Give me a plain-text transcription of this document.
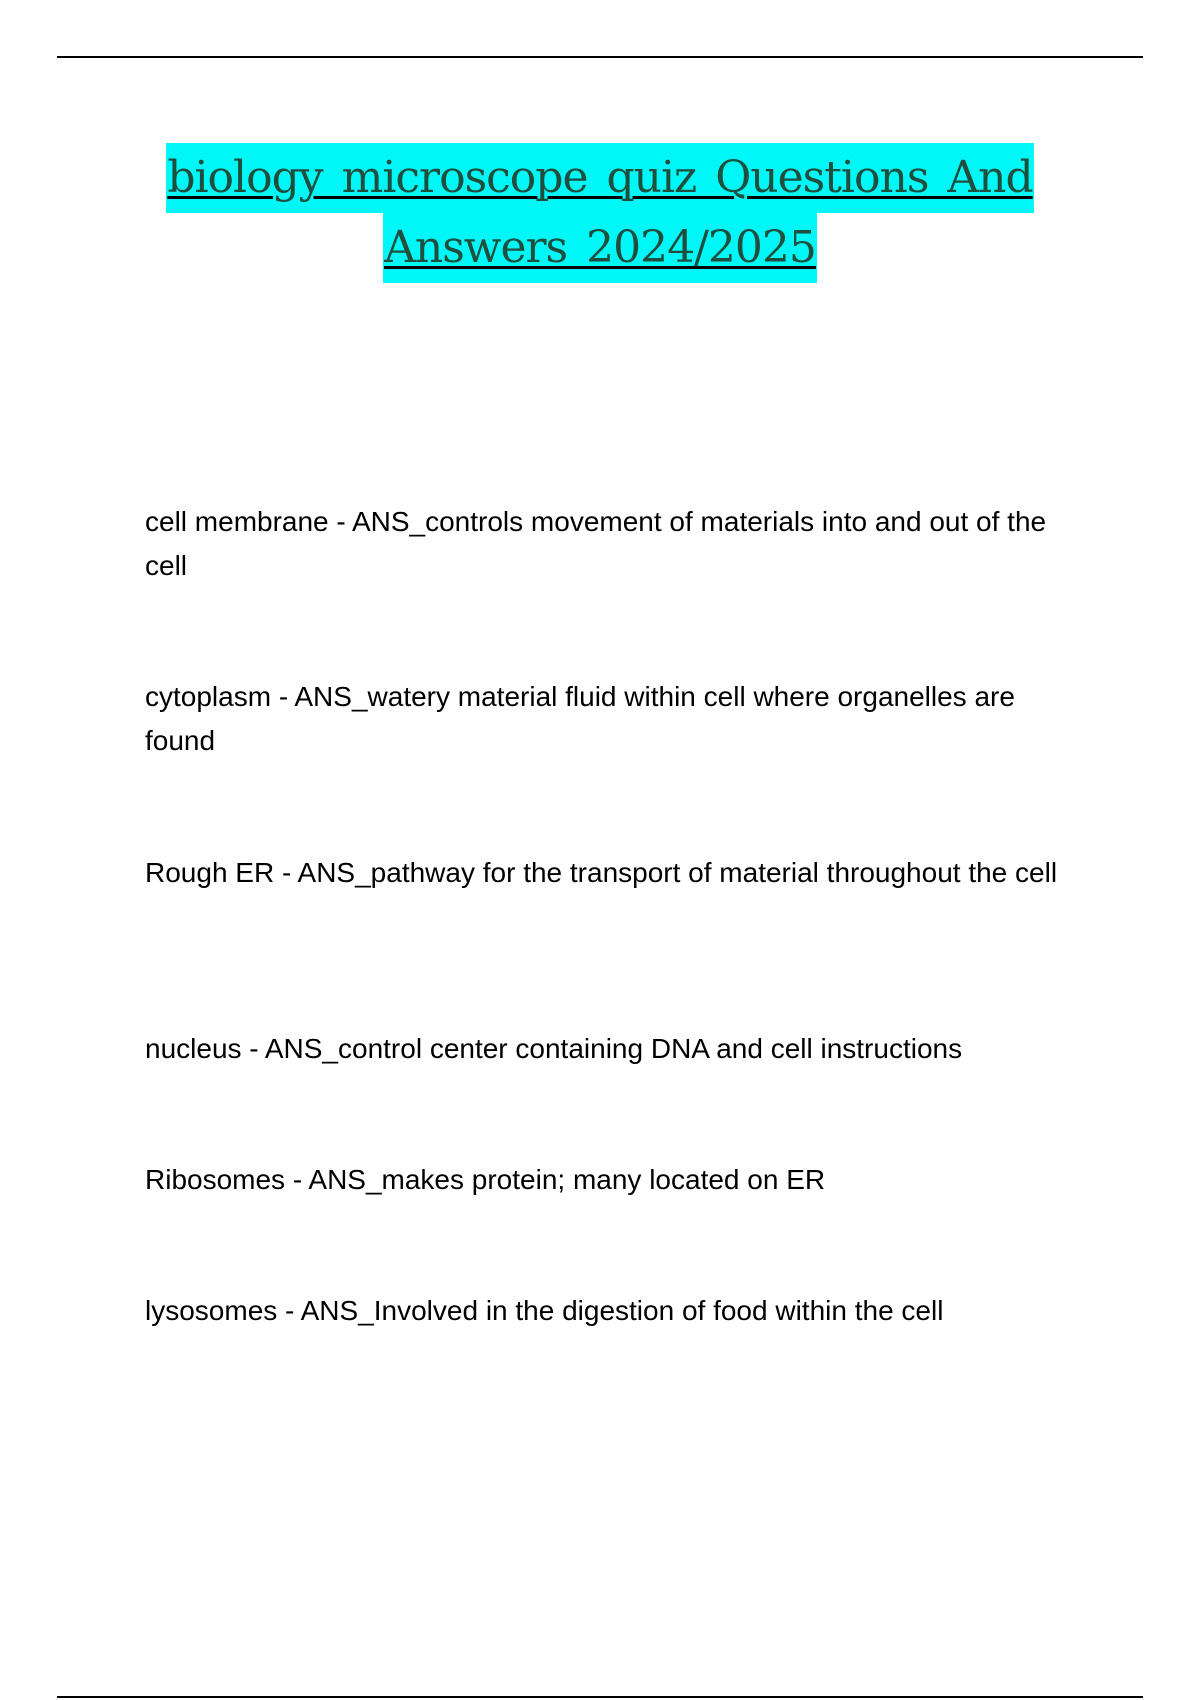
biology microscope quiz Questions And
Answers 2024/2025

cell membrane - ANS_controls movement of materials into and out of the cell

cytoplasm - ANS_watery material fluid within cell where organelles are found

Rough ER - ANS_pathway for the transport of material throughout the cell

nucleus - ANS_control center containing DNA and cell instructions

Ribosomes - ANS_makes protein; many located on ER

lysosomes - ANS_Involved in the digestion of food within the cell
